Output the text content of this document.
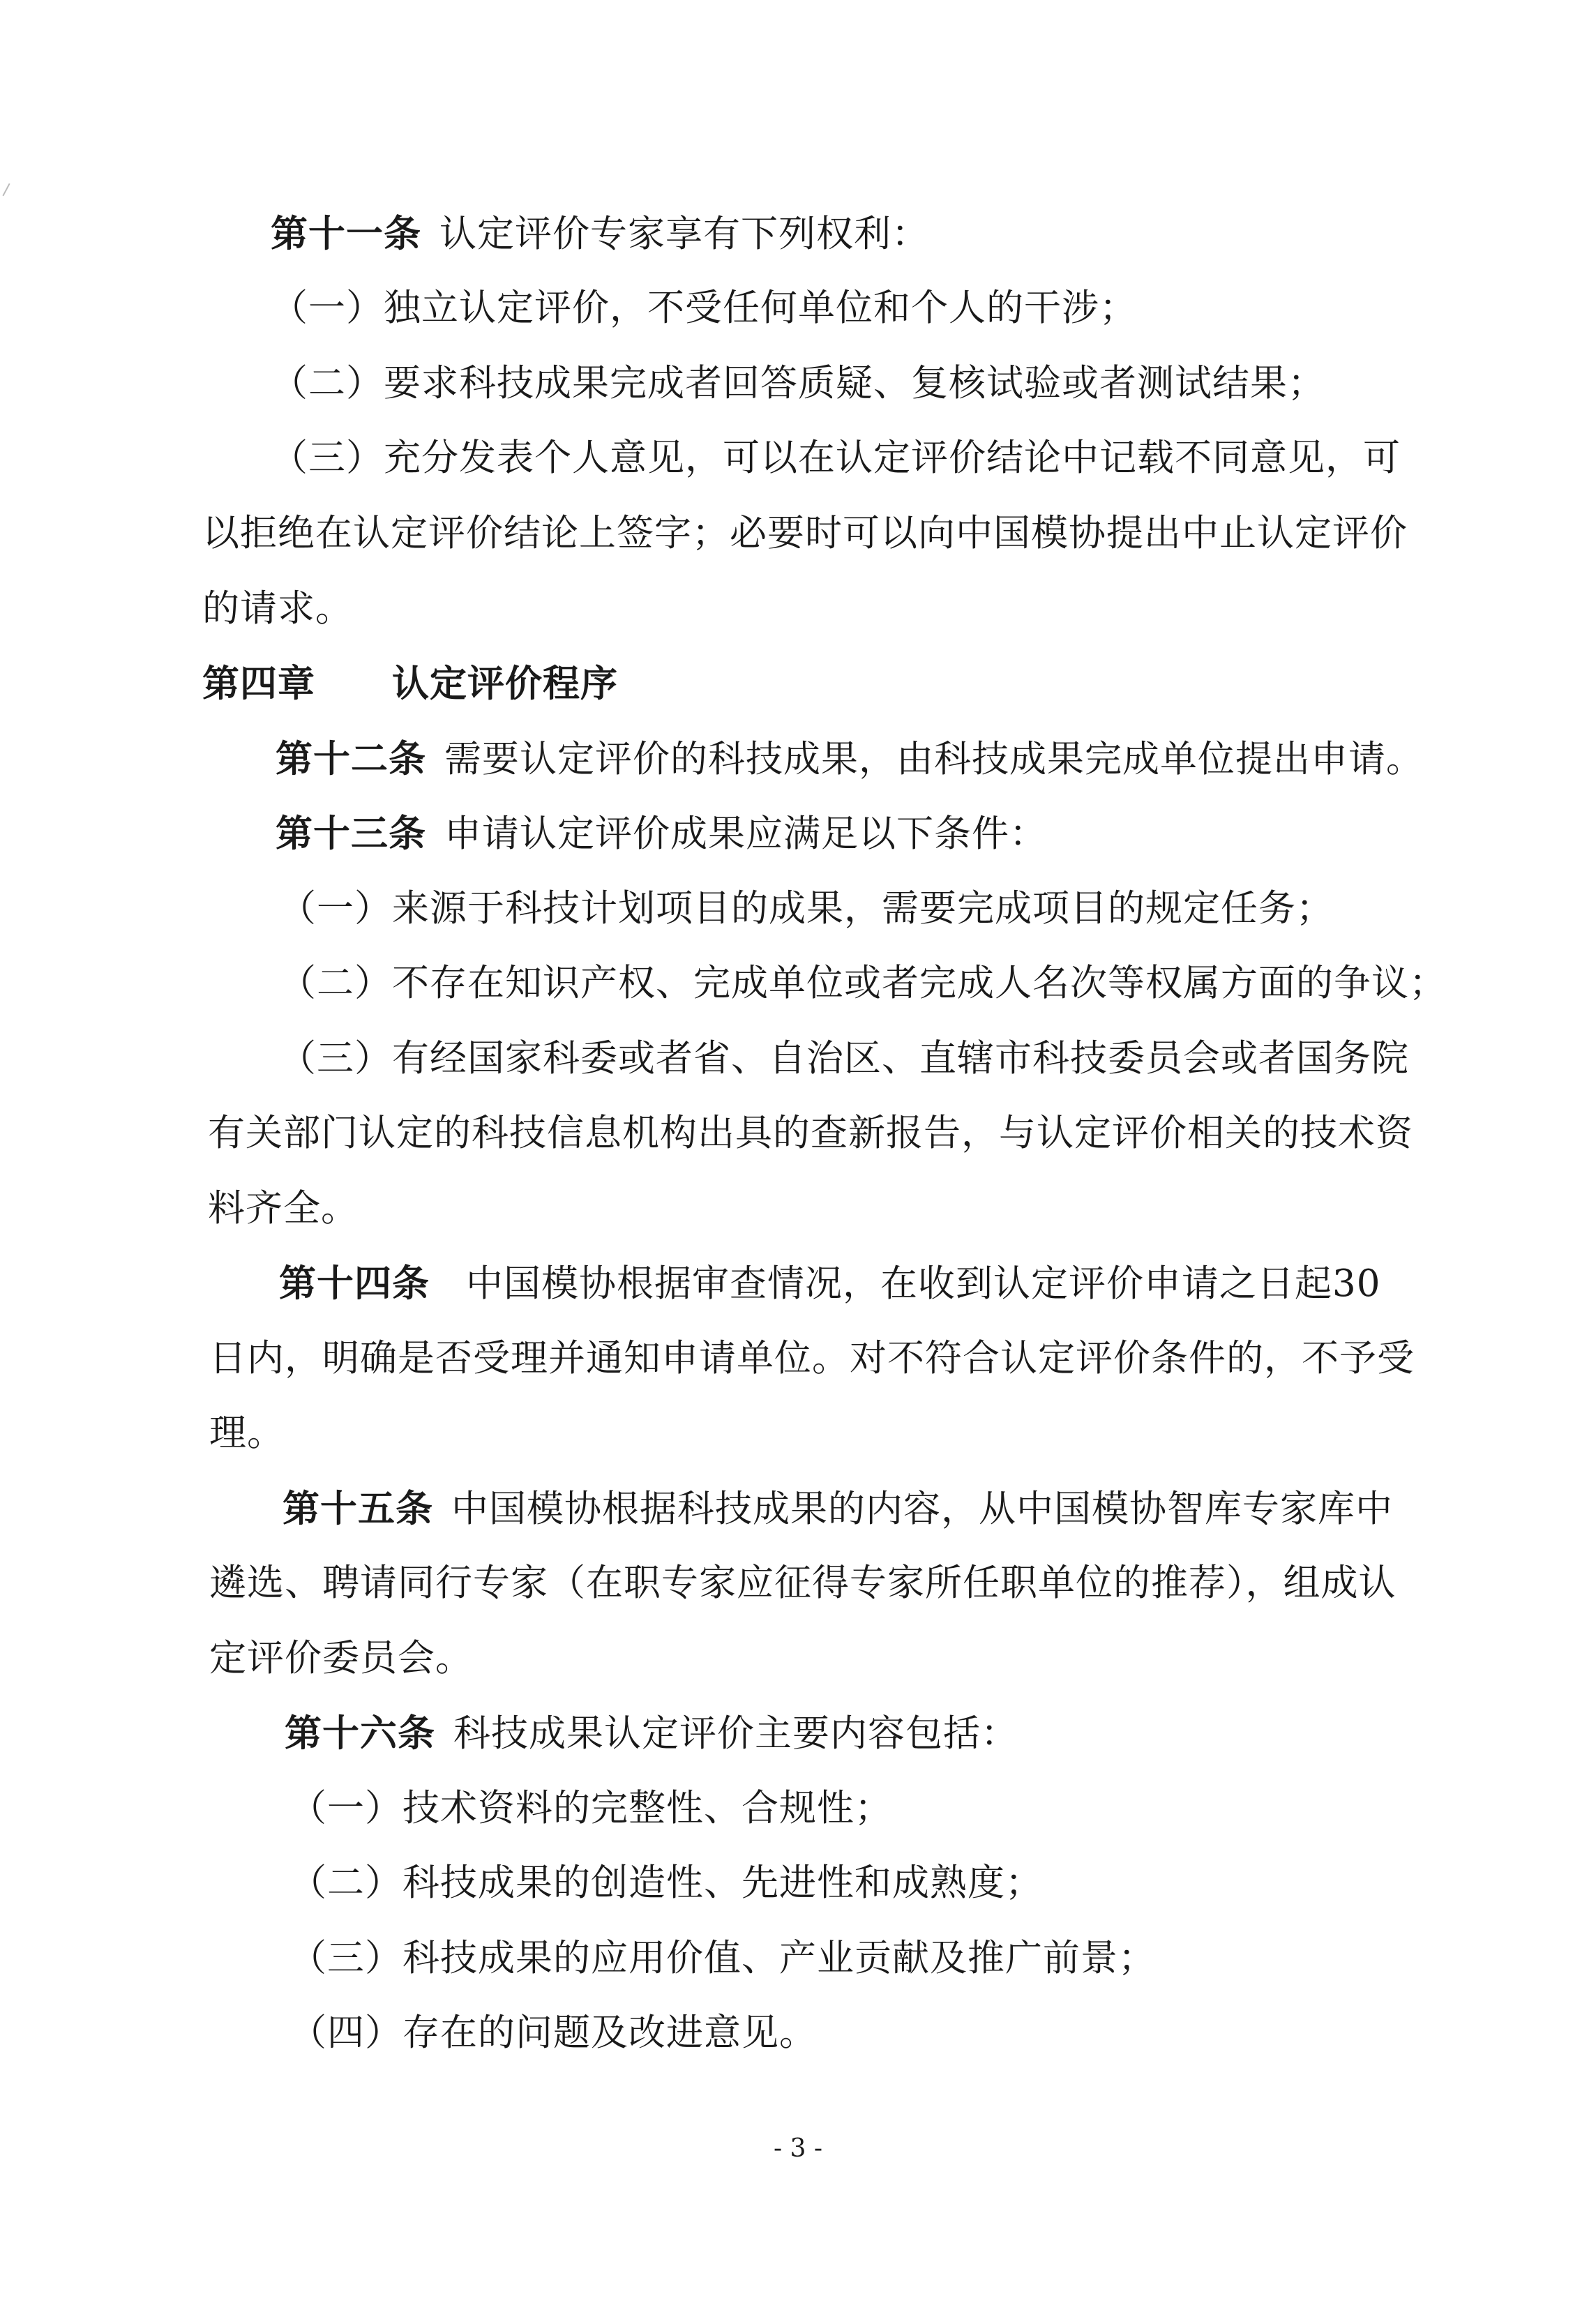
第十一条 认定评价专家享有下列权利：
（一）独立认定评价，不受任何单位和个人的干涉；
（二）要求科技成果完成者回答质疑、复核试验或者测试结果；
（三）充分发表个人意见，可以在认定评价结论中记载不同意见，可
以拒绝在认定评价结论上签字；必要时可以向中国模协提出中止认定评价
的请求。
第四章 认定评价程序
第十二条 需要认定评价的科技成果，由科技成果完成单位提出申请。
第十三条 申请认定评价成果应满足以下条件：
（一）来源于科技计划项目的成果，需要完成项目的规定任务；
（二）不存在知识产权、完成单位或者完成人名次等权属方面的争议；
（三）有经国家科委或者省、自治区、直辖市科技委员会或者国务院
有关部门认定的科技信息机构出具的查新报告，与认定评价相关的技术资
料齐全。
第十四条 中国模协根据审查情况，在收到认定评价申请之日起30
日内，明确是否受理并通知申请单位。对不符合认定评价条件的，不予受
理。
第十五条 中国模协根据科技成果的内容，从中国模协智库专家库中
遴选、聘请同行专家（在职专家应征得专家所任职单位的推荐），组成认
定评价委员会。
第十六条 科技成果认定评价主要内容包括：
（一）技术资料的完整性、合规性；
（二）科技成果的创造性、先进性和成熟度；
（三）科技成果的应用价值、产业贡献及推广前景；
（四）存在的问题及改进意见。
- 3 -
